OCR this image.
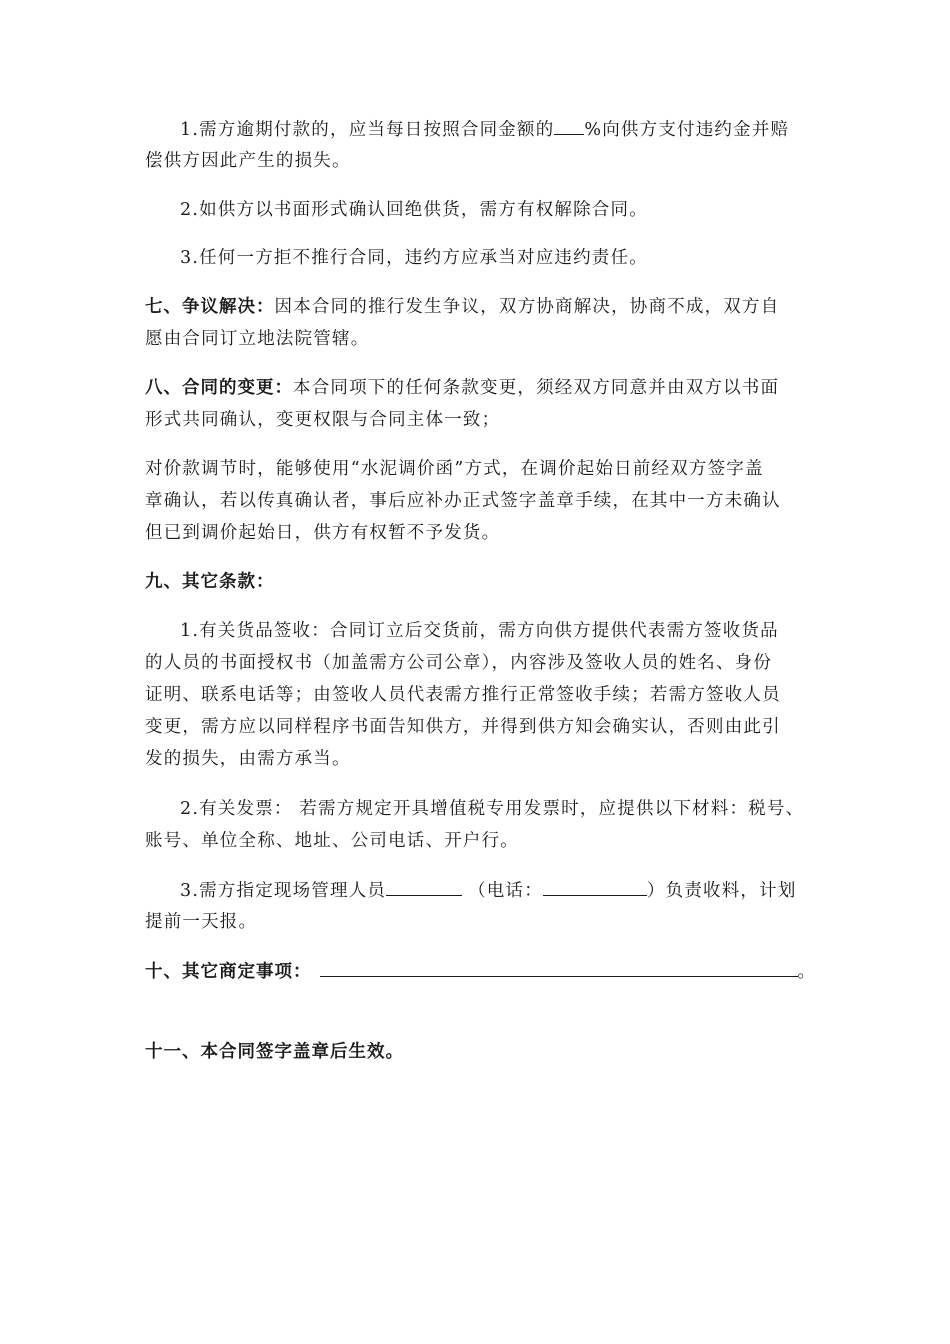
1.需方逾期付款的，应当每日按照合同金额的 %向供方支付违约金并赔
偿供方因此产生的损失。
2.如供方以书面形式确认回绝供货，需方有权解除合同。
3.任何一方拒不推行合同，违约方应承当对应违约责任。
七、争议解决：因本合同的推行发生争议，双方协商解决，协商不成，双方自
愿由合同订立地法院管辖。
八、合同的变更：本合同项下的任何条款变更，须经双方同意并由双方以书面
形式共同确认，变更权限与合同主体一致；
对价款调节时，能够使用“水泥调价函”方式，在调价起始日前经双方签字盖
章确认，若以传真确认者，事后应补办正式签字盖章手续，在其中一方未确认
但已到调价起始日，供方有权暂不予发货。
九、其它条款：
1.有关货品签收：合同订立后交货前，需方向供方提供代表需方签收货品
的人员的书面授权书（加盖需方公司公章），内容涉及签收人员的姓名、身份
证明、联系电话等；由签收人员代表需方推行正常签收手续；若需方签收人员
变更，需方应以同样程序书面告知供方，并得到供方知会确实认，否则由此引
发的损失，由需方承当。
2.有关发票： 若需方规定开具增值税专用发票时，应提供以下材料：税号、
账号、单位全称、地址、公司电话、开户行。
3.需方指定现场管理人员	（电话：	）负责收料，计划
提前一天报。
十、其它商定事项：	。
十一、本合同签字盖章后生效。
